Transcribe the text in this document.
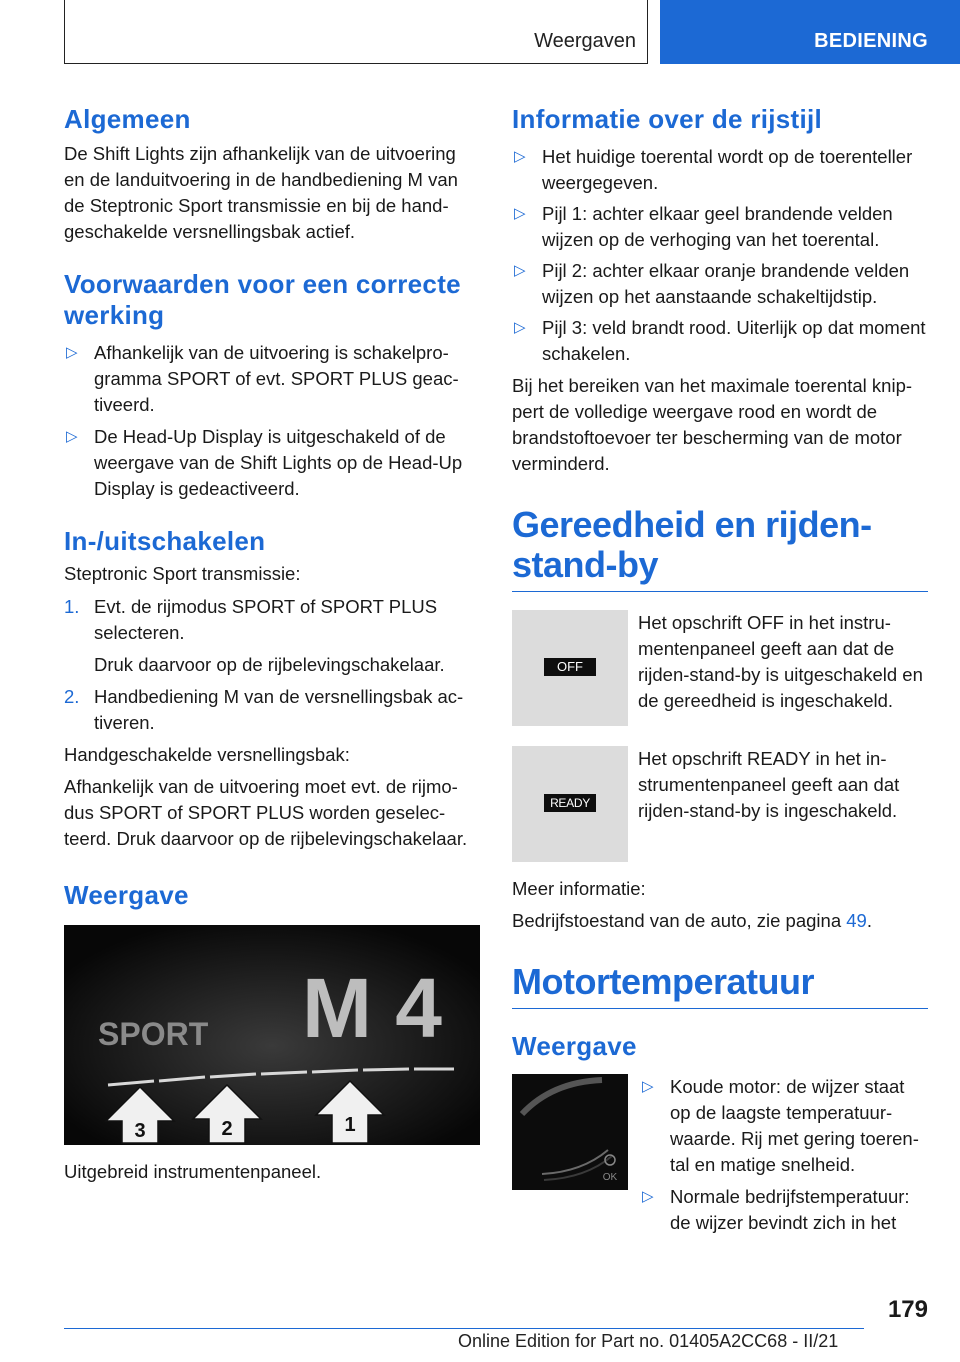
Weergaven	BEDIENING
Algemeen

De Shift Lights zijn afhankelijk van de uitvoering en de landuitvoering in de handbediening M van de Steptronic Sport transmissie en bij de handgeschakelde versnellingsbak actief.

Voorwaarden voor een correcte werking
▷ Afhankelijk van de uitvoering is schakelprogramma SPORT of evt. SPORT PLUS geactiveerd.
▷ De Head-Up Display is uitgeschakeld of de weergave van de Shift Lights op de Head-Up Display is gedeactiveerd.
In-/uitschakelen

Steptronic Sport transmissie:

1. Evt. de rijmodus SPORT of SPORT PLUS selecteren.
Druk daarvoor op de rijbelevingschakelaar.
2. Handbediening M van de versnellingsbak activeren.

Handgeschakelde versnellingsbak:

Afhankelijk van de uitvoering moet evt. de rijmodus SPORT of SPORT PLUS worden geselecteerd. Druk daarvoor op de rijbelevingschakelaar.

Weergave
SPORT M4
3	2	1

Uitgebreid instrumentenpaneel.

Informatie over de rijstijl
▷ Het huidige toerental wordt op de toerenteller weergegeven.
▷ Pijl 1: achter elkaar geel brandende velden wijzen op de verhoging van het toerental.
▷ Pijl 2: achter elkaar oranje brandende velden wijzen op het aanstaande schakeltijdstip.
▷ Pijl 3: veld brandt rood. Uiterlijk op dat moment schakelen.

Bij het bereiken van het maximale toerental knippert de volledige weergave rood en wordt de brandstoftoevoer ter bescherming van de motor verminderd.

Gereedheid en rijdenstand-by
OFF

Het opschrift OFF in het instrumentenpaneel geeft aan dat de rijden-stand-by is uitgeschakeld en de gereedheid is ingeschakeld.

READY

Het opschrift READY in het instrumentenpaneel geeft aan dat rijden-stand-by is ingeschakeld.

Meer informatie:

Bedrijfstoestand van de auto, zie pagina 49.

Motortemperatuur
Weergave
OK
▷ Koude motor: de wijzer staat op de laagste temperatuurwaarde. Rij met gering toerental en matige snelheid.
▷ Normale bedrijfstemperatuur: de wijzer bevindt zich in het
179
Online Edition for Part no. 01405A2CC68 - II/21
